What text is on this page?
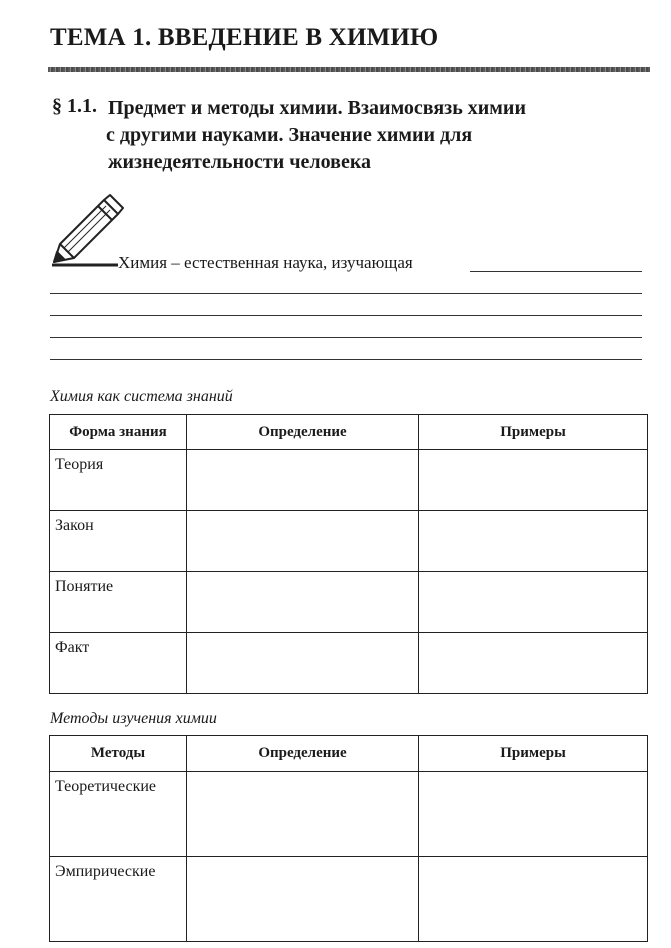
ТЕМА 1. ВВЕДЕНИЕ В ХИМИЮ
§ 1.1. Предмет и методы химии. Взаимосвязь химии
с другими науками. Значение химии для
жизнедеятельности человека
Химия – естественная наука, изучающая
Химия как система знаний
Форма знания	Определение	Примеры
Теория		
Закон		
Понятие		
Факт		
Методы изучения химии
Методы	Определение	Примеры
Теоретические		
Эмпирические		
